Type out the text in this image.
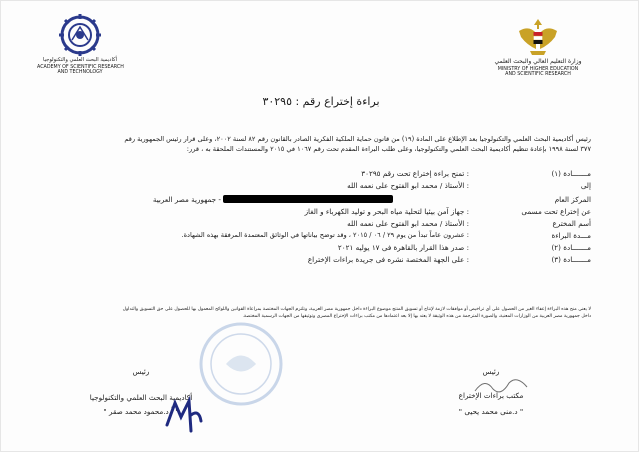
وزارة التعليم العالي والبحث العلمي
MINISTRY OF HIGHER EDUCATION
AND SCIENTIFIC RESEARCH
أكاديمية البحث العلمي والتكنولوجيا
ACADEMY OF SCIENTIFIC RESEARCH
AND TECHNOLOGY
براءة إختراع رقم : ٣٠٢٩٥
رئيس أكاديمية البحث العلمي والتكنولوجيا بعد الإطلاع على المادة (١٩) من قانون حماية الملكية الفكرية الصادر بالقانون رقم ٨٢ لسنة ٢٠٠٢، وعلى قرار رئيس الجمهورية رقم
٣٧٧ لسنة ١٩٩٨ بإعادة تنظيم أكاديمية البحث العلمي والتكنولوجيا، وعلى طلب البراءة المقدم تحت رقم ١٠٦٧ في ٢٠١٥ والمستندات الملحقة به ، قرر:
مـــــــادة (١)
: تمنح براءة إختراع تحت رقم ٣٠٢٩٥
إلى
: الأستاذ / محمد ابو الفتوح على نعمه الله
المركز العام
- جمهورية مصر العربية
عن إختراع تحت مسمى
: جهاز آمن بيئيا لتحلية مياه البحر و توليد الكهرباء و الغاز
أسم المخترع
: الأستاذ / محمد ابو الفتوح على نعمه الله
مـــدة البراءة
: عشرون عاماً تبدأ من يوم ٢٩ / ٠٦ / ٢٠١٥ ، وقد توضح بياناتها في الوثائق المعتمدة المرفقة بهذه الشهادة.
مـــــــادة (٢)
: صدر هذا القرار بالقاهرة فى ١٧ يوليه ٢٠٢١
مـــــــادة (٣)
: على الجهة المختصة نشره فى جريدة براءات الإختراع
لا يعنى منح هذه البراءة إعفاء الغير من الحصول على أى تراخيص أو موافقات لازمة لإنتاج أو تسويق المنتج موضوع البراءة داخل جمهورية مصر العربية، وتلتزم الجهات المختصة بمراعاة القوانين واللوائح المعمول بها للحصول على حق التسويق والتداول
داخل جمهورية مصر العربية من الوزارات المعنية، والصورة المترجمة من هذه الوثيقة لا يعتد بها إلا بعد اعتمادها من مكتب براءات الإختراع المصرى وتوثيقها من الجهات الرسمية المختصة.
رئيس
أكاديمية البحث العلمي والتكنولوجيا
" أ.د.محمود محمد صقر "
رئيس
مكتب براءات الإختراع
" د.منى محمد يحيى "
